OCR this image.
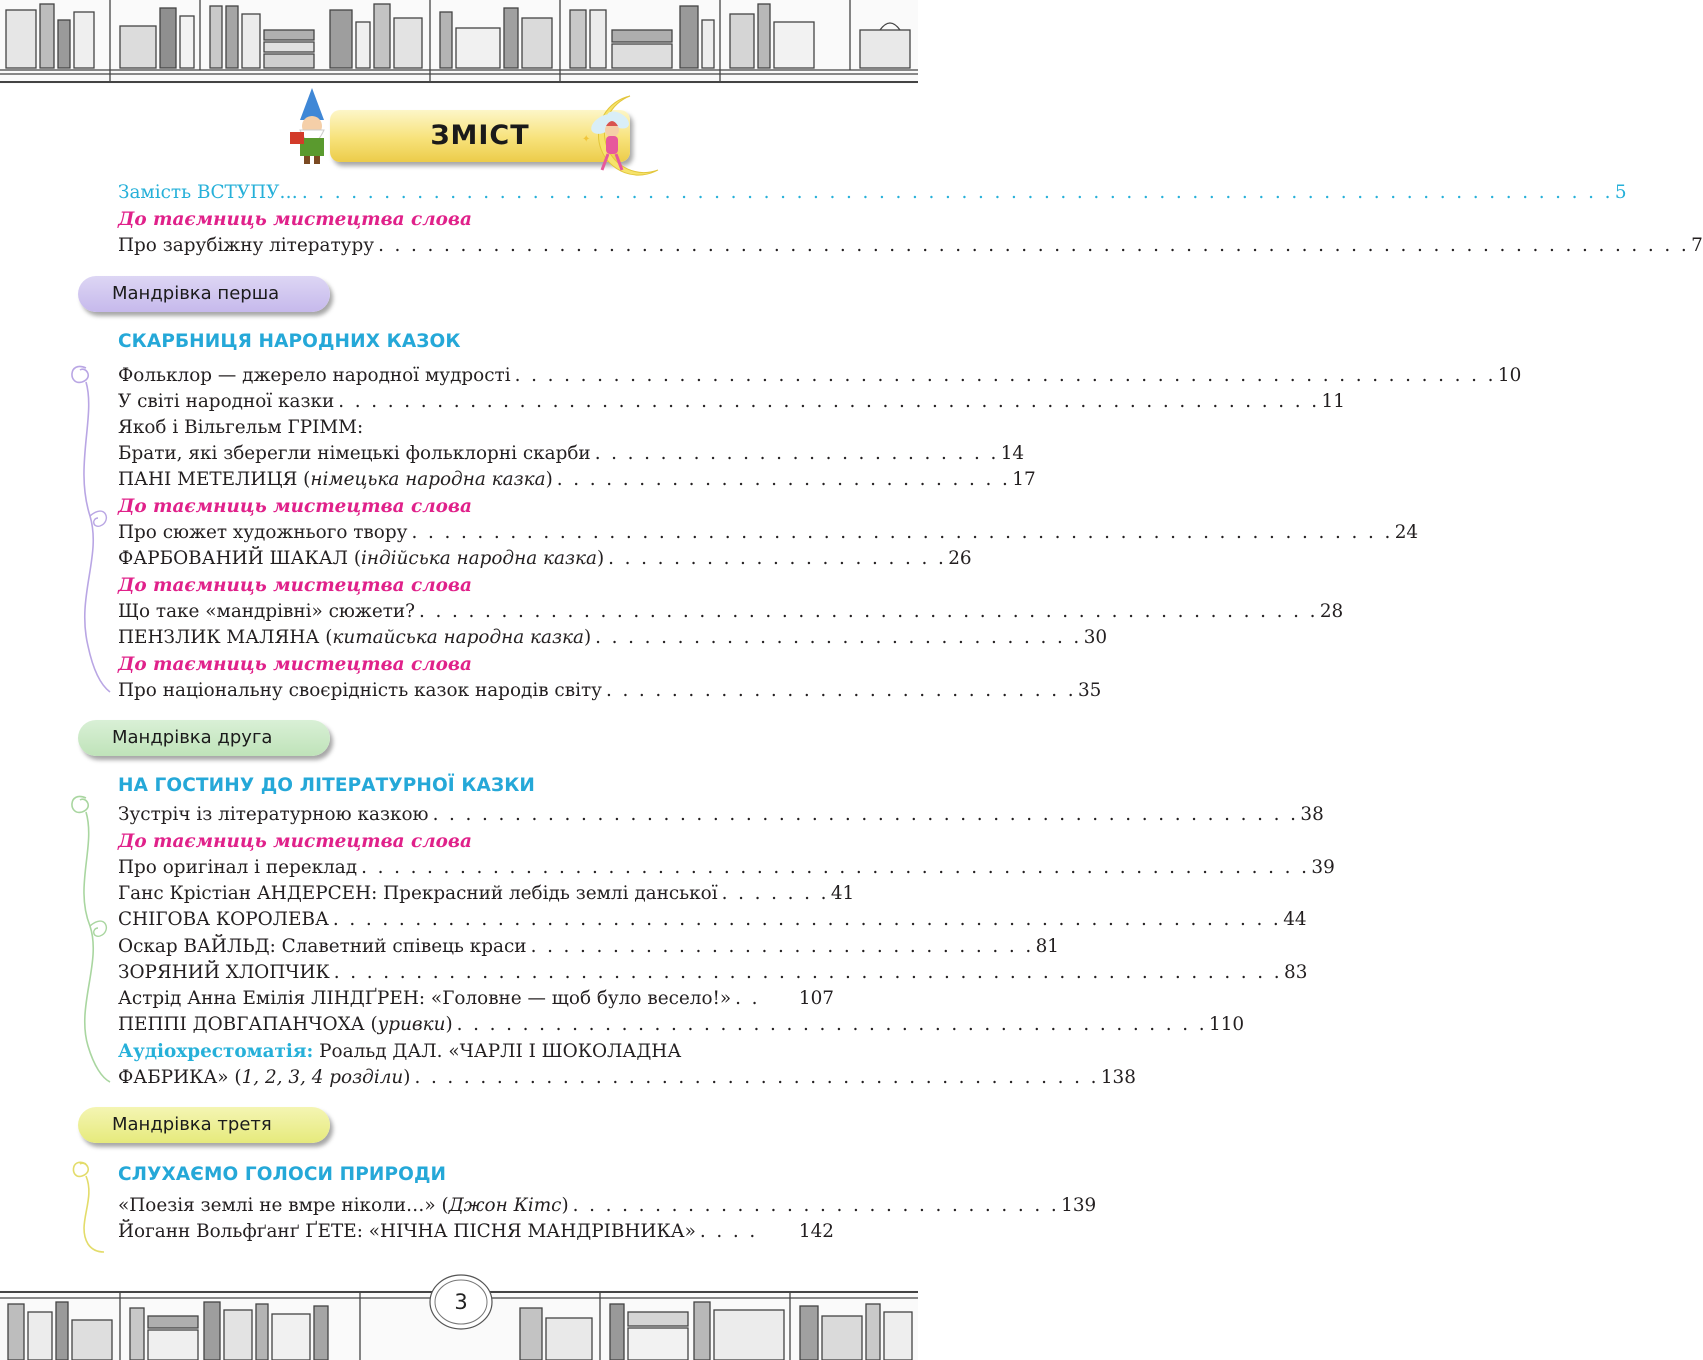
ЗМІСТ	✦
Замість ВСТУПУ… . . . . . . . . . . . . . . . . . . . . . . . . . . . . . . . . . . . . . . . . . . . . . . . . . . . . . . . . . . . . . . . . . . . . . . . . . . . . . . . . 5
До таємниць мистецтва слова
Про зарубіжну літературу . . . . . . . . . . . . . . . . . . . . . . . . . . . . . . . . . . . . . . . . . . . . . . . . . . . . . . . . . . . . . . . . . . . . . . . . . . . . . . . . 7
Мандрівка перша
СКАРБНИЦЯ НАРОДНИХ КАЗОК
Фольклор — джерело народної мудрості . . . . . . . . . . . . . . . . . . . . . . . . . . . . . . . . . . . . . . . . . . . . . . . . . . . . . . . . . . . . 10
У світі народної казки . . . . . . . . . . . . . . . . . . . . . . . . . . . . . . . . . . . . . . . . . . . . . . . . . . . . . . . . . . . . 11
Якоб і Вільгельм ГРІММ:
Брати, які зберегли німецькі фольклорні скарби . . . . . . . . . . . . . . . . . . . . . . . . . 14
ПАНІ МЕТЕЛИЦЯ (німецька народна казка) . . . . . . . . . . . . . . . . . . . . . . . . . . . . 17
До таємниць мистецтва слова
Про сюжет художнього твору . . . . . . . . . . . . . . . . . . . . . . . . . . . . . . . . . . . . . . . . . . . . . . . . . . . . . . . . . . . . 24
ФАРБОВАНИЙ ШАКАЛ (індійська народна казка) . . . . . . . . . . . . . . . . . . . . . 26
До таємниць мистецтва слова
Що таке «мандрівні» сюжети? . . . . . . . . . . . . . . . . . . . . . . . . . . . . . . . . . . . . . . . . . . . . . . . . . . . . . . . 28
ПЕНЗЛИК МАЛЯНА (китайська народна казка) . . . . . . . . . . . . . . . . . . . . . . . . . . . . . . 30
До таємниць мистецтва слова
Про національну своєрідність казок народів світу . . . . . . . . . . . . . . . . . . . . . . . . . . . . . 35
Мандрівка друга
НА ГОСТИНУ ДО ЛІТЕРАТУРНОЇ КАЗКИ
Зустріч із літературною казкою . . . . . . . . . . . . . . . . . . . . . . . . . . . . . . . . . . . . . . . . . . . . . . . . . . . . . 38
До таємниць мистецтва слова
Про оригінал і переклад . . . . . . . . . . . . . . . . . . . . . . . . . . . . . . . . . . . . . . . . . . . . . . . . . . . . . . . . . . 39
Ганс Крістіан АНДЕРСЕН: Прекрасний лебідь землі данської . . . . . . . 41
СНІГОВА КОРОЛЕВА . . . . . . . . . . . . . . . . . . . . . . . . . . . . . . . . . . . . . . . . . . . . . . . . . . . . . . . . . . 44
Оскар ВАЙЛЬД: Славетний співець краси . . . . . . . . . . . . . . . . . . . . . . . . . . . . . . . 81
ЗОРЯНИЙ ХЛОПЧИК . . . . . . . . . . . . . . . . . . . . . . . . . . . . . . . . . . . . . . . . . . . . . . . . . . . . . . . . . . 83
Астрід Анна Емілія ЛІНДҐРЕН: «Головне — щоб було весело!» . .	107
ПЕППІ ДОВГАПАНЧОХА (уривки) . . . . . . . . . . . . . . . . . . . . . . . . . . . . . . . . . . . . . . . . . . . . . . 110
Аудіохрестоматія: Роальд ДАЛ. «ЧАРЛІ І ШОКОЛАДНА
ФАБРИКА» (1, 2, 3, 4 розділи) . . . . . . . . . . . . . . . . . . . . . . . . . . . . . . . . . . . . . . . . . . 138
Мандрівка третя
СЛУХАЄМО ГОЛОСИ ПРИРОДИ
«Поезія землі не вмре ніколи…» (Джон Кітс) . . . . . . . . . . . . . . . . . . . . . . . . . . . . . . 139
Йоганн Вольфґанґ ҐЕТЕ: «НІЧНА ПІСНЯ МАНДРІВНИКА» . . . .	142
3
